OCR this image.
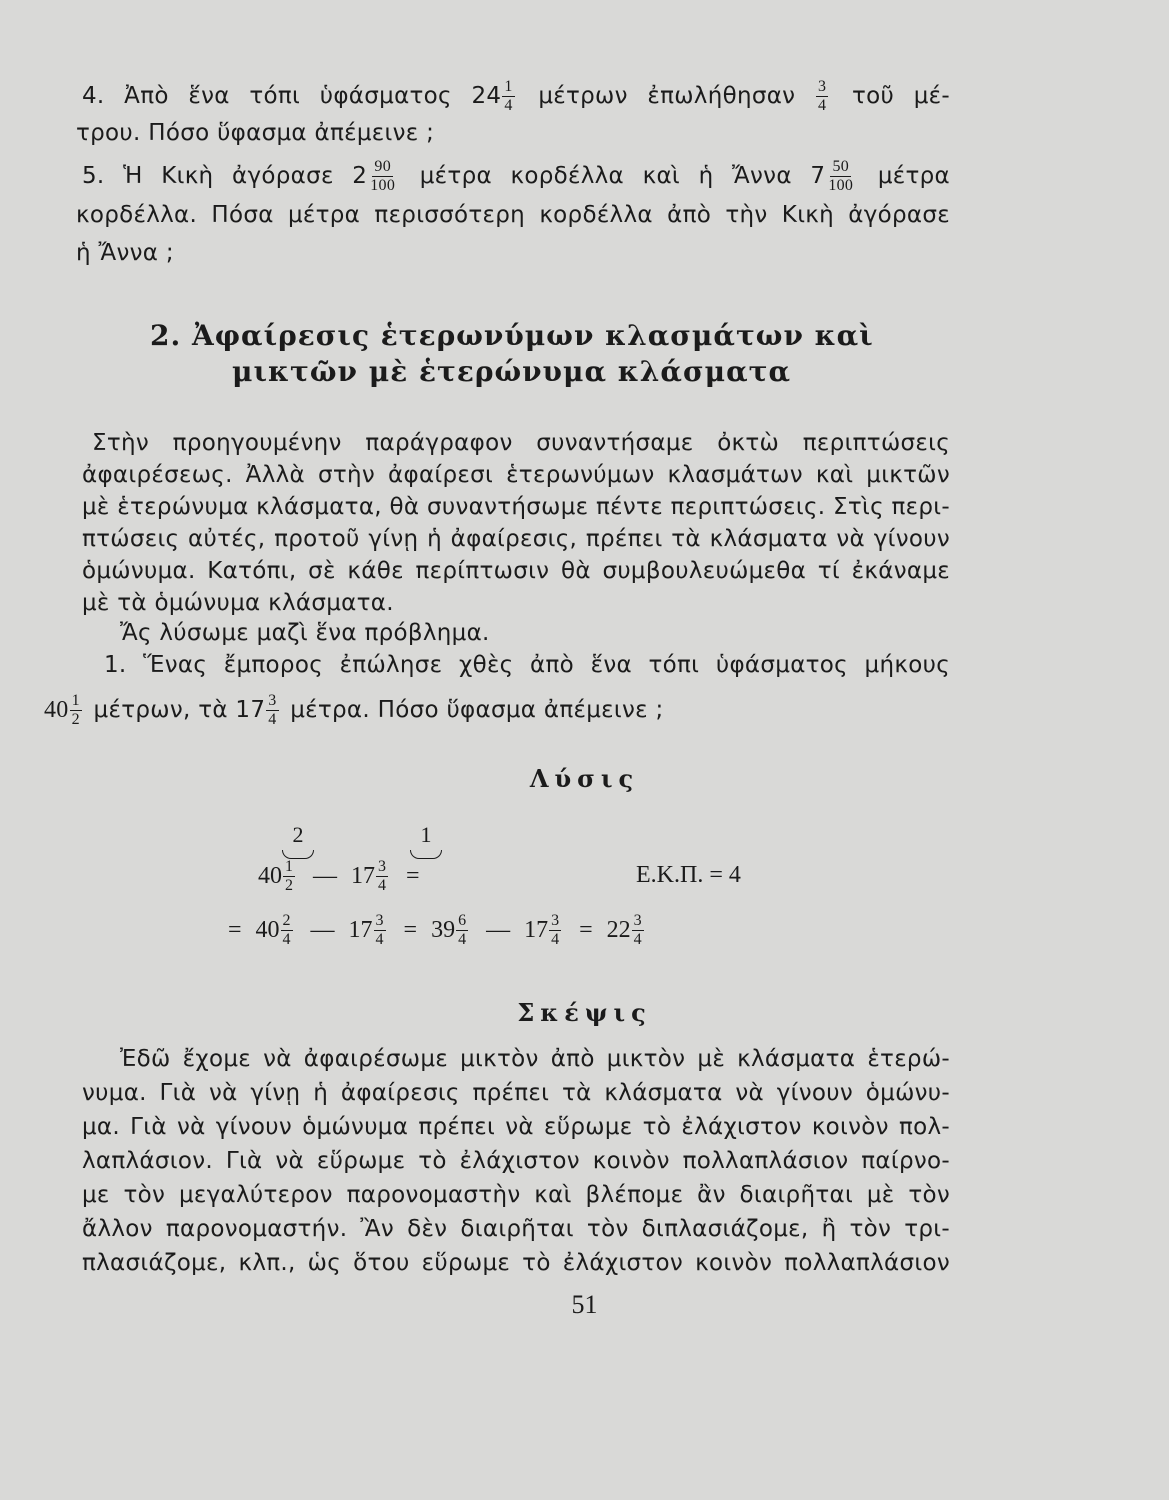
4. Ἀπὸ ἕνα τόπι ὑφάσματος $24 \frac{1}{4}$ μέτρων ἐπωλήθησαν $\frac{3}{4}$ τοῦ μέ-
τρου. Πόσο ὕφασμα ἀπέμεινε ;
5. Ἡ Κικὴ ἀγόρασε $2 \frac{90}{100}$ μέτρα κορδέλλα καὶ ἡ Ἄννα $7 \frac{50}{100}$ μέτρα
κορδέλλα. Πόσα μέτρα περισσότερη κορδέλλα ἀπὸ τὴν Κικὴ ἀγόρασε
ἡ Ἄννα ;
2. Ἀφαίρεσις ἑτερωνύμων κλασμάτων καὶ
μικτῶν μὲ ἑτερώνυμα κλάσματα
Στὴν προηγουμένην παράγραφον συναντήσαμε ὀκτὼ περιπτώσεις
ἀφαιρέσεως. Ἀλλὰ στὴν ἀφαίρεσι ἑτερωνύμων κλασμάτων καὶ μικτῶν
μὲ ἑτερώνυμα κλάσματα, θὰ συναντήσωμε πέντε περιπτώσεις. Στὶς περι-
πτώσεις αὐτές, προτοῦ γίνῃ ἡ ἀφαίρεσις, πρέπει τὰ κλάσματα νὰ γίνουν
ὁμώνυμα. Κατόπι, σὲ κάθε περίπτωσιν θὰ συμβουλευώμεθα τί ἐκάναμε
μὲ τὰ ὁμώνυμα κλάσματα.
Ἄς λύσωμε μαζὶ ἕνα πρόβλημα.
1. Ἕνας ἔμπορος ἐπώλησε χθὲς ἀπὸ ἕνα τόπι ὑφάσματος μήκους
$40 \frac{1}{2} \mu έ\tau\rho\omega\nu$, τὰ $17 \frac{3}{4} \mu έ\tau\rho\alpha$. Πόσο ὕφασμα ἀπέμεινε ;
Λύσις
2	1
$40 \frac{1}{2}$ — $17 \frac{3}{4}$ =	Ε.Κ.Π. = 4
= $40 \frac{2}{4}$ — $17 \frac{3}{4} = 39 \frac{6}{4}$ — $17 \frac{3}{4} = 22 \frac{3}{4}$
Σκέψις
Ἐδῶ ἔχομε νὰ ἀφαιρέσωμε μικτὸν ἀπὸ μικτὸν μὲ κλάσματα ἑτερώ-
νυμα. Γιὰ νὰ γίνῃ ἡ ἀφαίρεσις πρέπει τὰ κλάσματα νὰ γίνουν ὁμώνυ-
μα. Γιὰ νὰ γίνουν ὁμώνυμα πρέπει νὰ εὕρωμε τὸ ἐλάχιστον κοινὸν πολ-
λαπλάσιον. Γιὰ νὰ εὕρωμε τὸ ἐλάχιστον κοινὸν πολλαπλάσιον παίρνο-
με τὸν μεγαλύτερον παρονομαστὴν καὶ βλέπομε ἂν διαιρῆται μὲ τὸν
ἄλλον παρονομαστήν. Ἂν δὲν διαιρῆται τὸν διπλασιάζομε, ἢ τὸν τρι-
πλασιάζομε, κλπ., ὡς ὅτου εὕρωμε τὸ ἐλάχιστον κοινὸν πολλαπλάσιον
51
